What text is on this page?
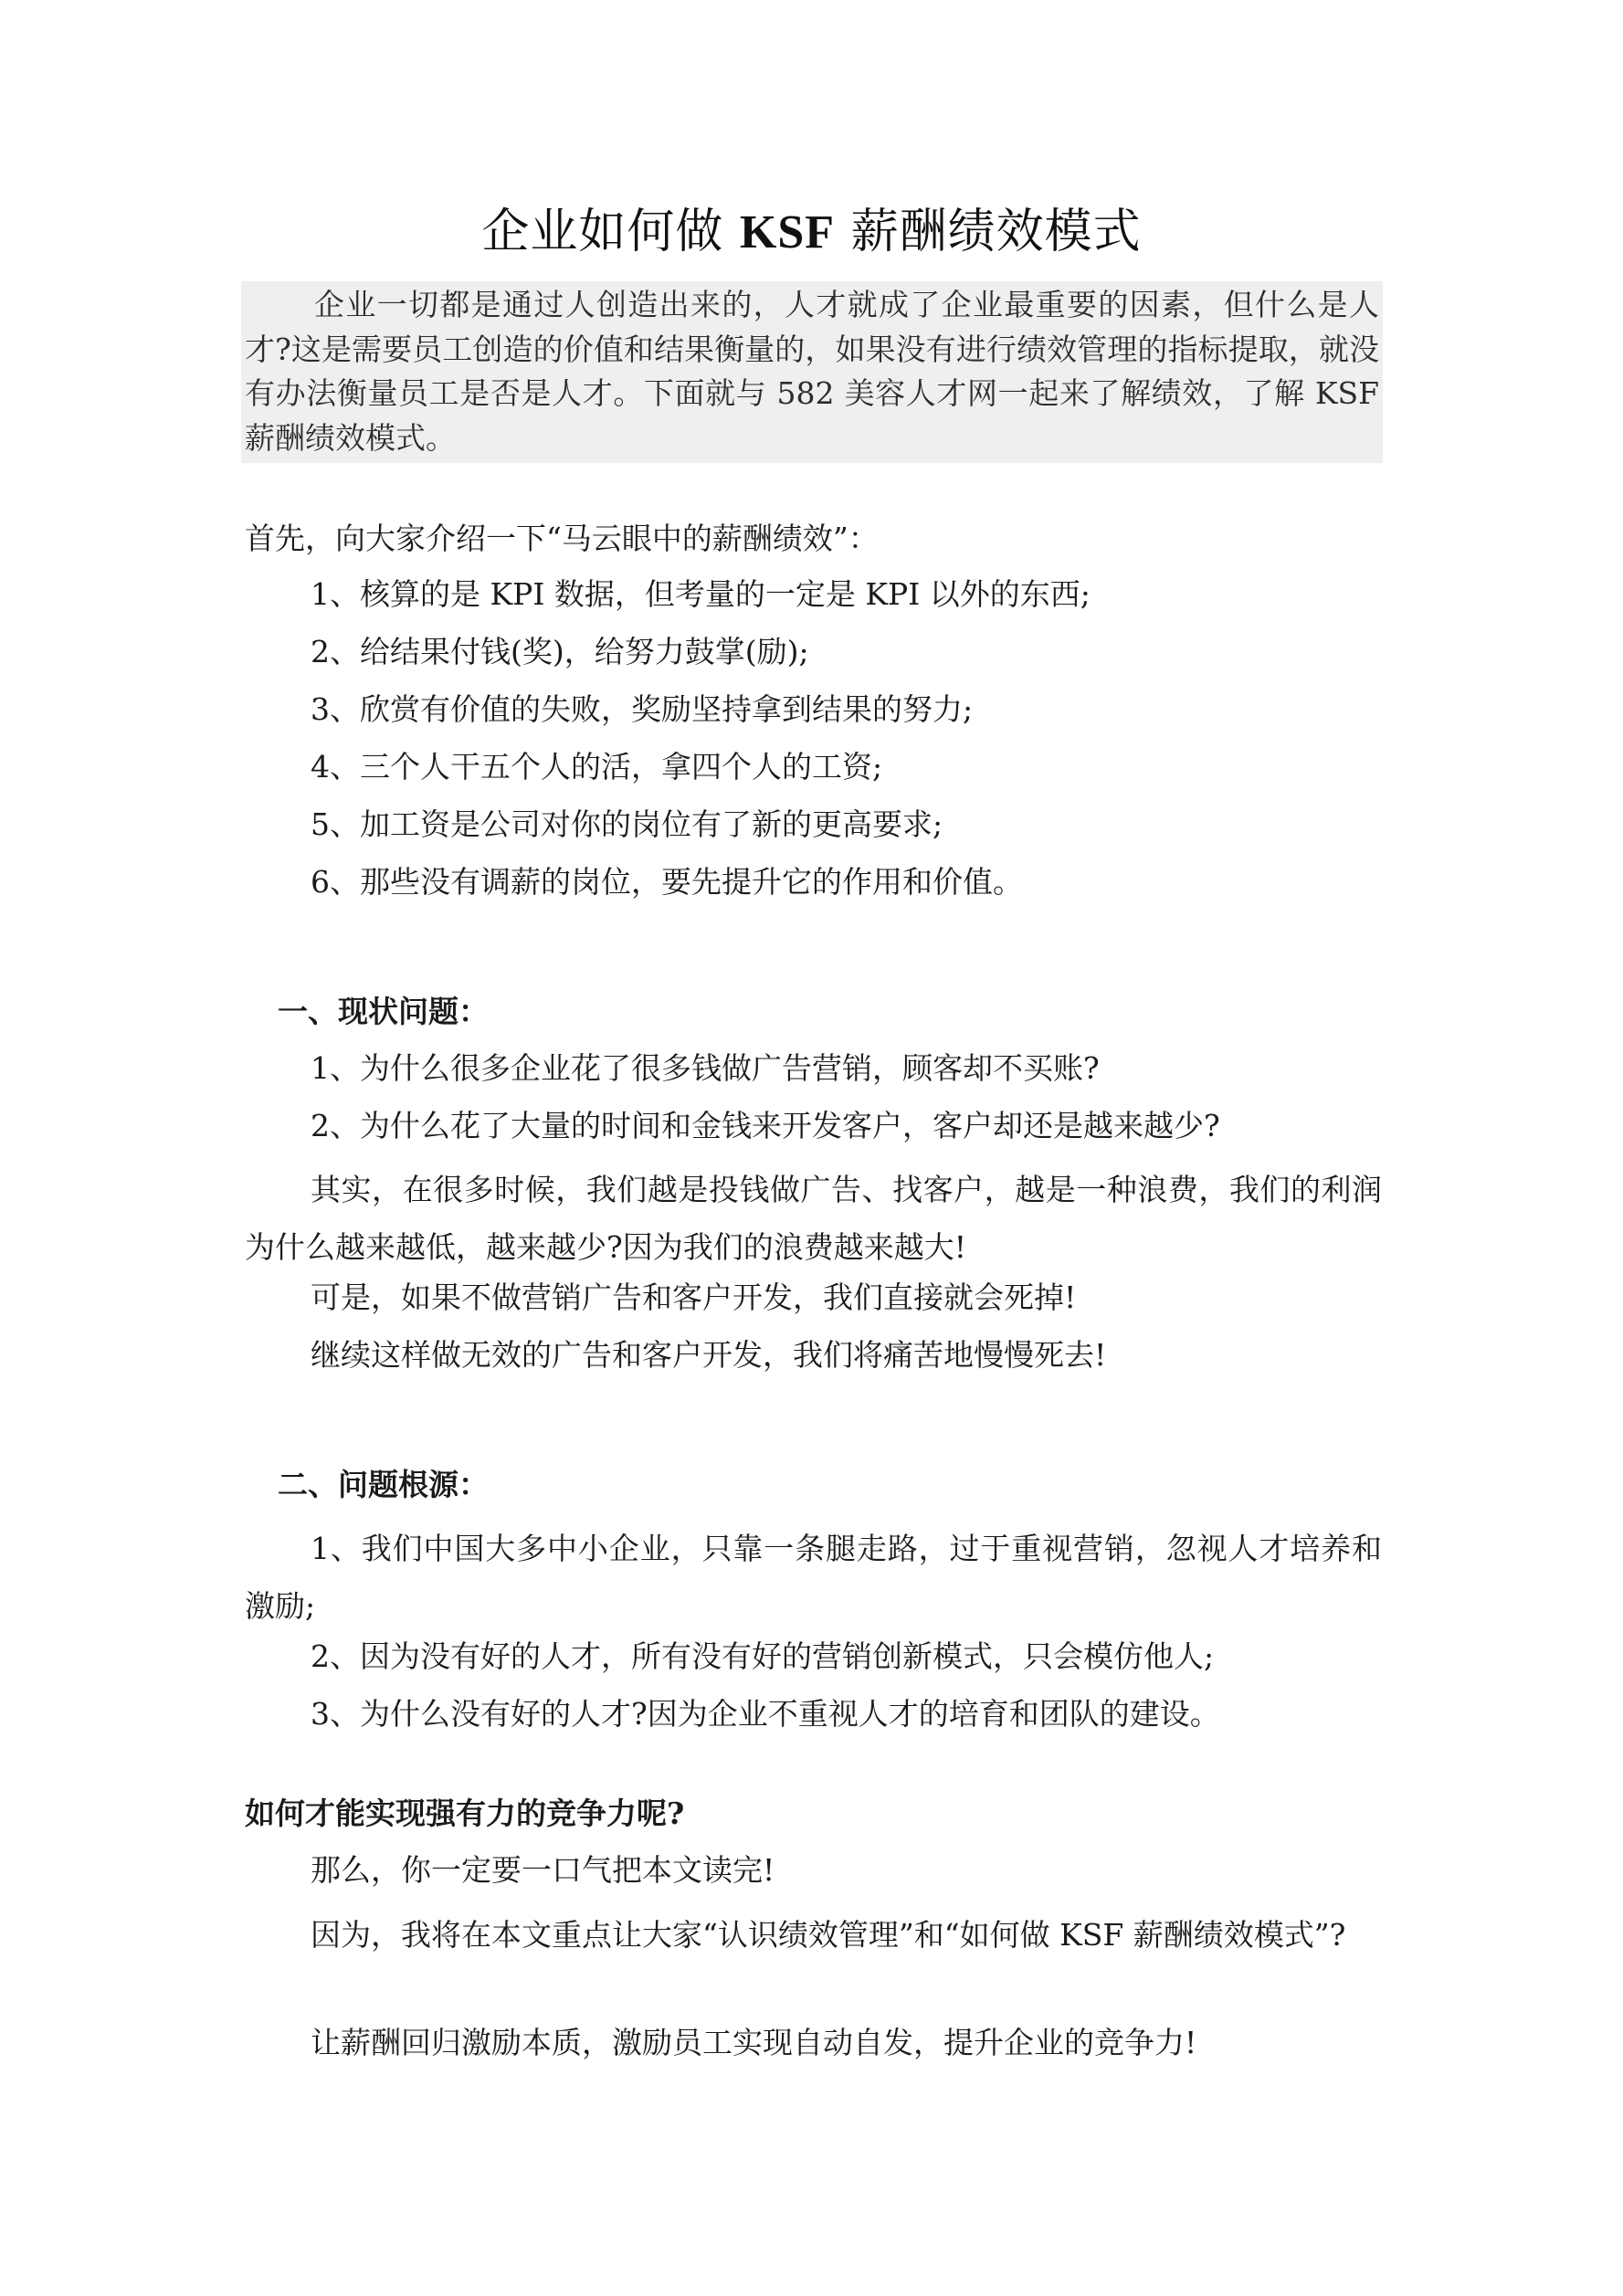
企业如何做 KSF 薪酬绩效模式

企业一切都是通过人创造出来的，人才就成了企业最重要的因素，但什么是人才?这是需要员工创造的价值和结果衡量的，如果没有进行绩效管理的指标提取，就没有办法衡量员工是否是人才。下面就与 582 美容人才网一起来了解绩效，了解 KSF 薪酬绩效模式。

首先，向大家介绍一下“马云眼中的薪酬绩效”：
1、核算的是 KPI 数据，但考量的一定是 KPI 以外的东西;
2、给结果付钱(奖)，给努力鼓掌(励);
3、欣赏有价值的失败，奖励坚持拿到结果的努力;
4、三个人干五个人的活，拿四个人的工资;
5、加工资是公司对你的岗位有了新的更高要求;
6、那些没有调薪的岗位，要先提升它的作用和价值。
一、现状问题：
1、为什么很多企业花了很多钱做广告营销，顾客却不买账?
2、为什么花了大量的时间和金钱来开发客户，客户却还是越来越少?
其实，在很多时候，我们越是投钱做广告、找客户，越是一种浪费，我们的利润为什么越来越低，越来越少?因为我们的浪费越来越大!
可是，如果不做营销广告和客户开发，我们直接就会死掉!
继续这样做无效的广告和客户开发，我们将痛苦地慢慢死去!
二、问题根源：
1、我们中国大多中小企业，只靠一条腿走路，过于重视营销，忽视人才培养和激励;
2、因为没有好的人才，所有没有好的营销创新模式，只会模仿他人;
3、为什么没有好的人才?因为企业不重视人才的培育和团队的建设。
如何才能实现强有力的竞争力呢?
那么，你一定要一口气把本文读完!
因为，我将在本文重点让大家“认识绩效管理”和“如何做 KSF 薪酬绩效模式”?
让薪酬回归激励本质，激励员工实现自动自发，提升企业的竞争力!
